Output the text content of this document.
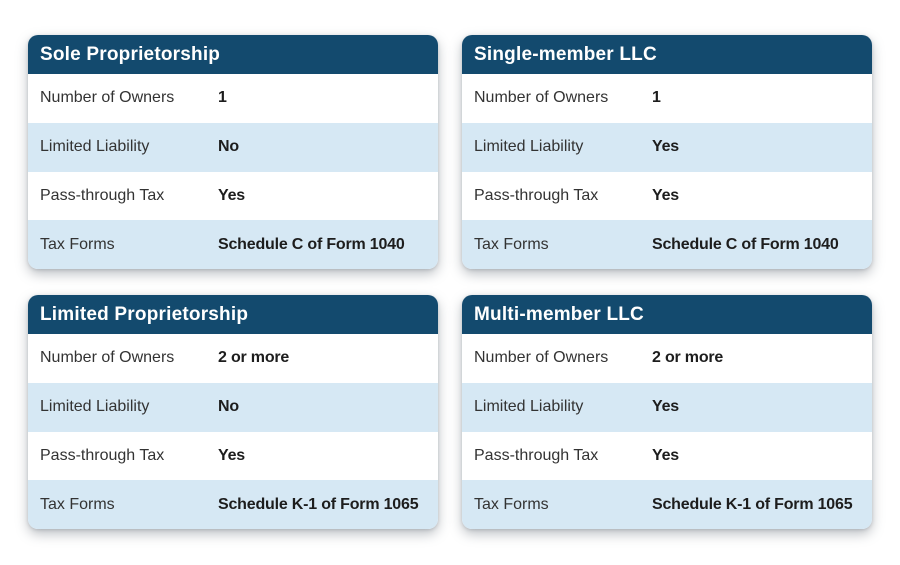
Sole Proprietorship
Number of Owners	1
Limited Liability	No
Pass-through Tax	Yes
Tax Forms	Schedule C of Form 1040
Single-member LLC
Number of Owners	1
Limited Liability	Yes
Pass-through Tax	Yes
Tax Forms	Schedule C of Form 1040
Limited Proprietorship
Number of Owners	2 or more
Limited Liability	No
Pass-through Tax	Yes
Tax Forms	Schedule K-1 of Form 1065
Multi-member LLC
Number of Owners	2 or more
Limited Liability	Yes
Pass-through Tax	Yes
Tax Forms	Schedule K-1 of Form 1065
